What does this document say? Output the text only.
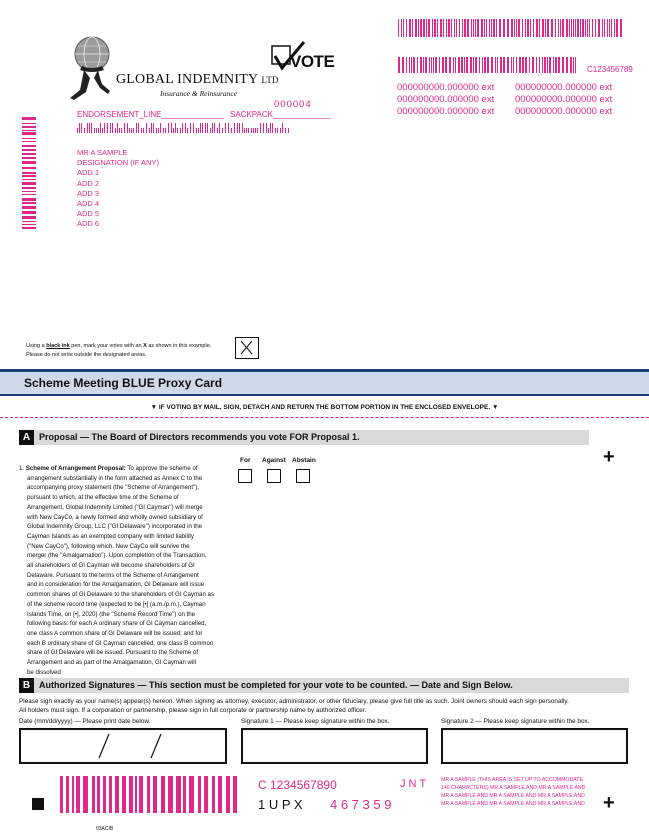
C123456789
000000000.000000 ext 000000000.000000 ext
000000000.000000 ext 000000000.000000 ext
000000000.000000 ext 000000000.000000 ext
GLOBAL INDEMNITY LTD
Insurance & Reinsurance
VOTE
000004
ENDORSEMENT_LINE______________ SACKPACK_____________
MR A SAMPLE
DESIGNATION (IF ANY)
ADD 1
ADD 2
ADD 3
ADD 4
ADD 5
ADD 6
Using a black ink pen, mark your votes with an X as shown in this example.
Please do not write outside the designated areas.
Scheme Meeting BLUE Proxy Card
▼ IF VOTING BY MAIL, SIGN, DETACH AND RETURN THE BOTTOM PORTION IN THE ENCLOSED ENVELOPE. ▼
A Proposal — The Board of Directors recommends you vote FOR Proposal 1.
+
For Against Abstain
1. Scheme of Arrangement Proposal: To approve the scheme of
arrangement substantially in the form attached as Annex C to the
accompanying proxy statement (the "Scheme of Arrangement"),
pursuant to which, at the effective time of the Scheme of
Arrangement, Global Indemnity Limited ("GI Cayman") will merge
with New CayCo, a newly formed and wholly owned subsidiary of
Global Indemnity Group, LLC ("GI Delaware") incorporated in the
Cayman Islands as an exempted company with limited liability
("New CayCo"), following which, New CayCo will survive the
merger (the "Amalgamation"). Upon completion of the Transaction,
all shareholders of GI Cayman will become shareholders of GI
Delaware. Pursuant to the terms of the Scheme of Arrangement
and in consideration for the Amalgamation, GI Delaware will issue
common shares of GI Delaware to the shareholders of GI Cayman as
of the scheme record time (expected to be [•] (a.m./p.m.), Cayman
Islands Time, on [•], 2020) (the "Scheme Record Time") on the
following basis: for each A ordinary share of GI Cayman cancelled,
one class A common share of GI Delaware will be issued; and for
each B ordinary share of GI Cayman cancelled, one class B common
share of GI Delaware will be issued. Pursuant to the Scheme of
Arrangement and as part of the Amalgamation, GI Cayman will
be dissolved
B Authorized Signatures — This section must be completed for your vote to be counted. — Date and Sign Below.
Please sign exactly as your name(s) appear(s) hereon. When signing as attorney, executor, administrator, or other fiduciary, please give full title as such. Joint owners should each sign personally.
All holders must sign. If a corporation or partnership, please sign in full corporate or partnership name by authorized officer.
Date (mm/dd/yyyy) — Please print date below.	Signature 1 — Please keep signature within the box.	Signature 2 — Please keep signature within the box.
C 1234567890	J N T
1 U P X 4 6 7 3 5 9
MR A SAMPLE (THIS AREA IS SET UP TO ACCOMMODATE
140 CHARACTERS) MR A SAMPLE AND MR A SAMPLE AND
MR A SAMPLE AND MR A SAMPLE AND MR A SAMPLE AND
MR A SAMPLE AND MR A SAMPLE AND MR A SAMPLE AND +
03ACIB
